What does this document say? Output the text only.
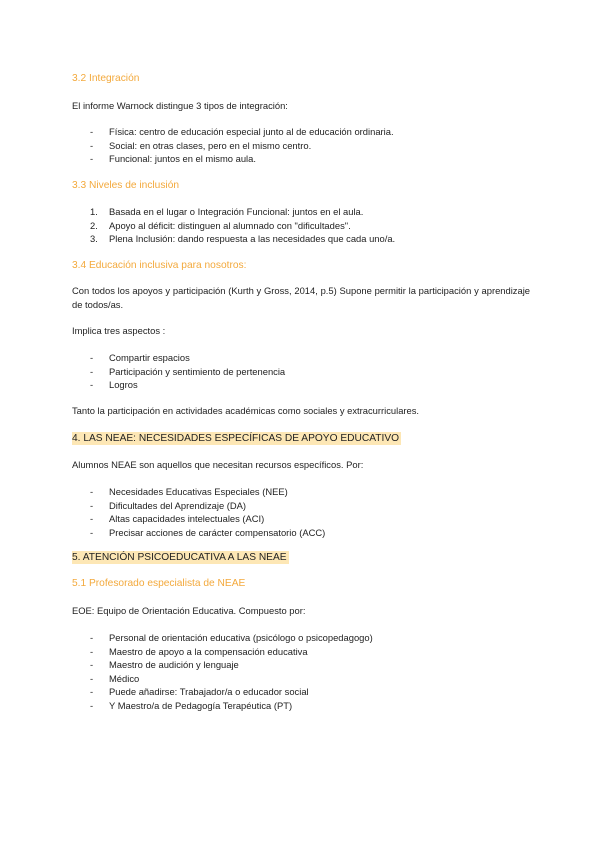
3.2 Integración
El informe Warnock distingue 3 tipos de integración:
- Física: centro de educación especial junto al de educación ordinaria.
- Social: en otras clases, pero en el mismo centro.
- Funcional: juntos en el mismo aula.
3.3 Niveles de inclusión
1. Basada en el lugar o Integración Funcional: juntos en el aula.
2. Apoyo al déficit: distinguen al alumnado con "dificultades".
3. Plena Inclusión: dando respuesta a las necesidades que cada uno/a.
3.4 Educación inclusiva para nosotros:
Con todos los apoyos y participación (Kurth y Gross, 2014, p.5) Supone permitir la participación y aprendizaje de todos/as.
Implica tres aspectos :
- Compartir espacios
- Participación y sentimiento de pertenencia
- Logros
Tanto la participación en actividades académicas como sociales y extracurriculares.
4. LAS NEAE: NECESIDADES ESPECÍFICAS DE APOYO EDUCATIVO
Alumnos NEAE son aquellos que necesitan recursos específicos. Por:
- Necesidades Educativas Especiales (NEE)
- Dificultades del Aprendizaje (DA)
- Altas capacidades intelectuales (ACI)
- Precisar acciones de carácter compensatorio (ACC)
5. ATENCIÓN PSICOEDUCATIVA A LAS NEAE
5.1 Profesorado especialista de NEAE
EOE: Equipo de Orientación Educativa. Compuesto por:
- Personal de orientación educativa (psicólogo o psicopedagogo)
- Maestro de apoyo a la compensación educativa
- Maestro de audición y lenguaje
- Médico
- Puede añadirse: Trabajador/a o educador social
- Y Maestro/a de Pedagogía Terapéutica (PT)
